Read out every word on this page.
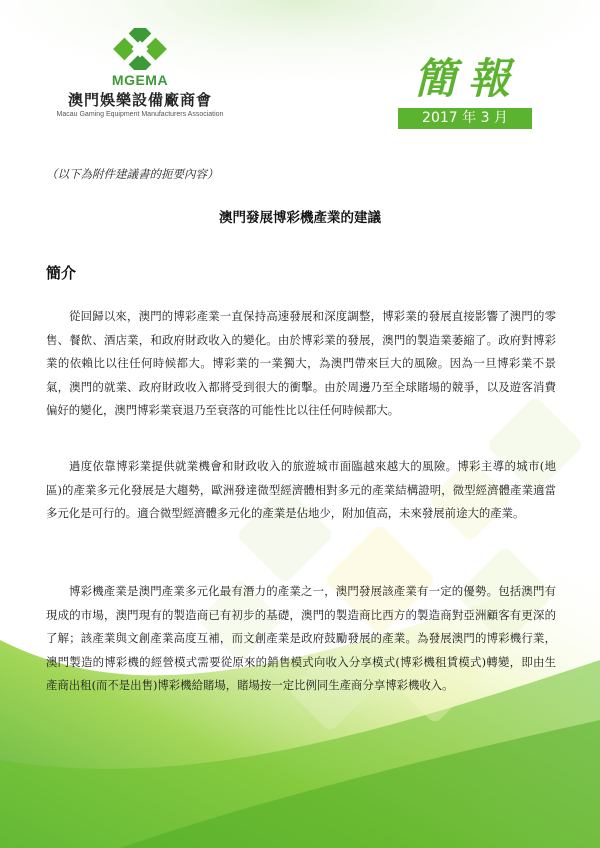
MGEMA
澳門娛樂設備廠商會
Macau Gaming Equipment Manufacturers Association
簡報
2017 年 3 月
（以下為附件建議書的扼要內容）
澳門發展博彩機產業的建議
簡介

從回歸以來，澳門的博彩產業一直保持高速發展和深度調整，博彩業的發展直接影響了澳門的零售、餐飲、酒店業，和政府財政收入的變化。由於博彩業的發展，澳門的製造業萎縮了。政府對博彩業的依賴比以往任何時候都大。博彩業的一業獨大，為澳門帶來巨大的風險。因為一旦博彩業不景氣，澳門的就業、政府財政收入都將受到很大的衝擊。由於周邊乃至全球賭場的競爭，以及遊客消費偏好的變化，澳門博彩業衰退乃至衰落的可能性比以往任何時候都大。

過度依靠博彩業提供就業機會和財政收入的旅遊城市面臨越來越大的風險。博彩主導的城市(地區)的產業多元化發展是大趨勢，歐洲發達微型經濟體相對多元的產業結構證明，微型經濟體產業適當多元化是可行的。適合微型經濟體多元化的產業是佔地少，附加值高，未來發展前途大的產業。

博彩機產業是澳門產業多元化最有潛力的產業之一，澳門發展該產業有一定的優勢。包括澳門有現成的市場，澳門現有的製造商已有初步的基礎，澳門的製造商比西方的製造商對亞洲顧客有更深的了解；該產業與文創產業高度互補，而文創產業是政府鼓勵發展的產業。為發展澳門的博彩機行業，澳門製造的博彩機的經營模式需要從原來的銷售模式向收入分享模式(博彩機租賃模式)轉變，即由生產商出租(而不是出售)博彩機給賭場，賭場按一定比例同生產商分享博彩機收入。
